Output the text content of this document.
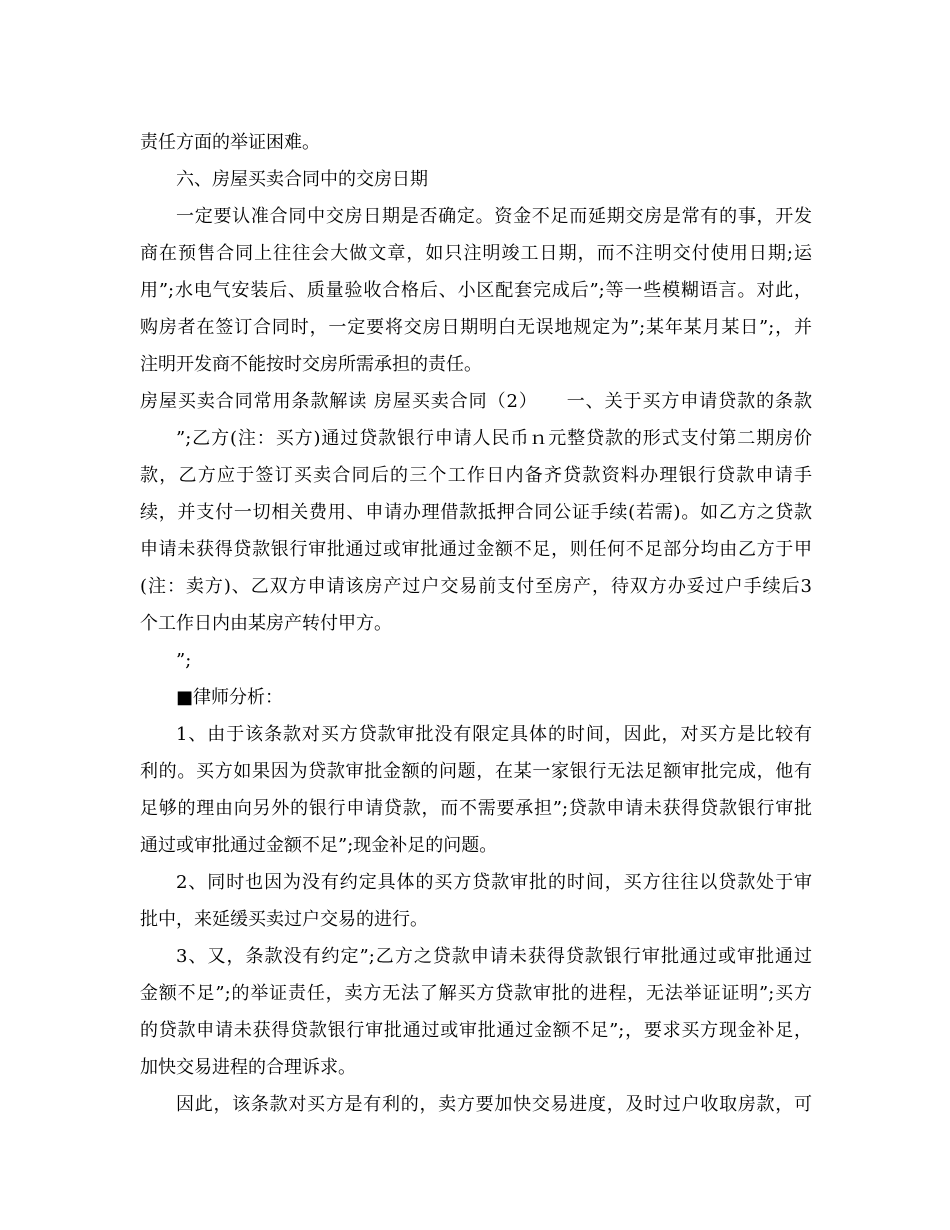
责任方面的举证困难。
六、房屋买卖合同中的交房日期
一定要认准合同中交房日期是否确定。资金不足而延期交房是常有的事，开发
商在预售合同上往往会大做文章，如只注明竣工日期，而不注明交付使用日期;运
用”;水电气安装后、质量验收合格后、小区配套完成后”;等一些模糊语言。对此，
购房者在签订合同时，一定要将交房日期明白无误地规定为”;某年某月某日”;，并
注明开发商不能按时交房所需承担的责任。
房屋买卖合同常用条款解读 房屋买卖合同（2）　　一、关于买方申请贷款的条款
”;乙方(注：买方)通过贷款银行申请人民币ｎ元整贷款的形式支付第二期房价
款，乙方应于签订买卖合同后的三个工作日内备齐贷款资料办理银行贷款申请手
续，并支付一切相关费用、申请办理借款抵押合同公证手续(若需)。如乙方之贷款
申请未获得贷款银行审批通过或审批通过金额不足，则任何不足部分均由乙方于甲
(注：卖方)、乙双方申请该房产过户交易前支付至房产，待双方办妥过户手续后3
个工作日内由某房产转付甲方。
”;
■律师分析：
1、由于该条款对买方贷款审批没有限定具体的时间，因此，对买方是比较有
利的。买方如果因为贷款审批金额的问题，在某一家银行无法足额审批完成，他有
足够的理由向另外的银行申请贷款，而不需要承担”;贷款申请未获得贷款银行审批
通过或审批通过金额不足”;现金补足的问题。
2、同时也因为没有约定具体的买方贷款审批的时间，买方往往以贷款处于审
批中，来延缓买卖过户交易的进行。
3、又，条款没有约定”;乙方之贷款申请未获得贷款银行审批通过或审批通过
金额不足”;的举证责任，卖方无法了解买方贷款审批的进程，无法举证证明”;买方
的贷款申请未获得贷款银行审批通过或审批通过金额不足”;，要求买方现金补足，
加快交易进程的合理诉求。
因此，该条款对买方是有利的，卖方要加快交易进度，及时过户收取房款，可
